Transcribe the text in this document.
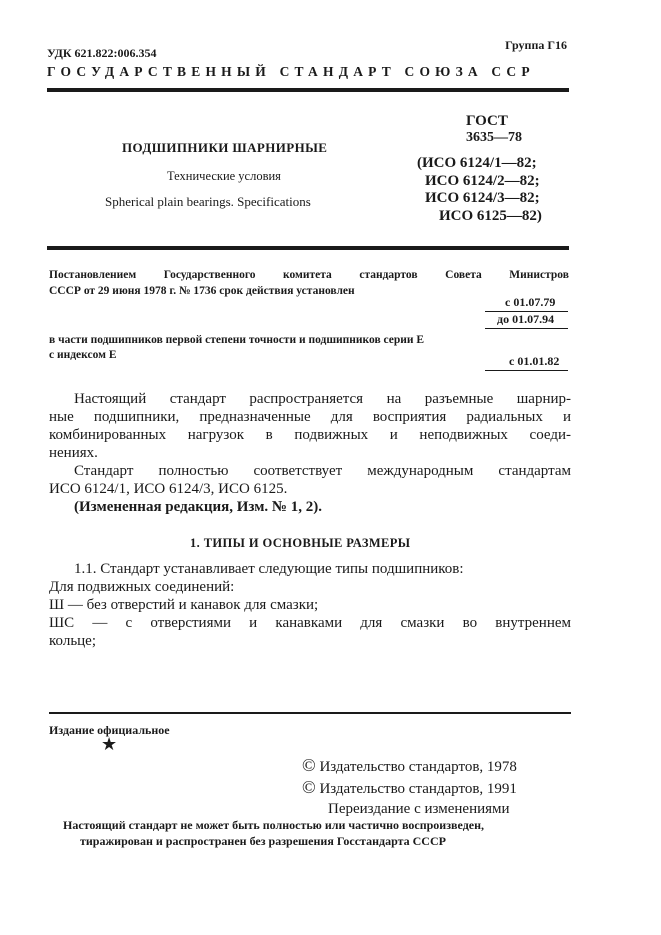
УДК 621.822:006.354
Группа Г16
ГОСУДАРСТВЕННЫЙ СТАНДАРТ СОЮЗА ССР
ПОДШИПНИКИ ШАРНИРНЫЕ
Технические условия
Spherical plain bearings. Specifications
ГОСТ
3635—78
(ИСО 6124/1—82;
ИСО 6124/2—82;
ИСО 6124/3—82;
ИСО 6125—82)
Постановлением Государственного комитета стандартов Совета Министров
СССР от 29 июня 1978 г. № 1736 срок действия установлен
с 01.07.79
до 01.07.94
в части подшипников первой степени точности и подшипников серии Е
с индексом Е	с 01.01.82
Настоящий стандарт распространяется на разъемные шарнир-
ные подшипники, предназначенные для восприятия радиальных и
комбинированных нагрузок в подвижных и неподвижных соеди-
нениях.
Стандарт полностью соответствует международным стандартам
ИСО 6124/1, ИСО 6124/3, ИСО 6125.
(Измененная редакция, Изм. № 1, 2).
1. ТИПЫ И ОСНОВНЫЕ РАЗМЕРЫ
1.1. Стандарт устанавливает следующие типы подшипников:
Для подвижных соединений:
Ш — без отверстий и канавок для смазки;
ШС — с отверстиями и канавками для смазки во внутреннем
кольце;
Издание официальное
★
© Издательство стандартов, 1978
© Издательство стандартов, 1991
Переиздание с изменениями
Настоящий стандарт не может быть полностью или частично воспроизведен,
тиражирован и распространен без разрешения Госстандарта СССР
